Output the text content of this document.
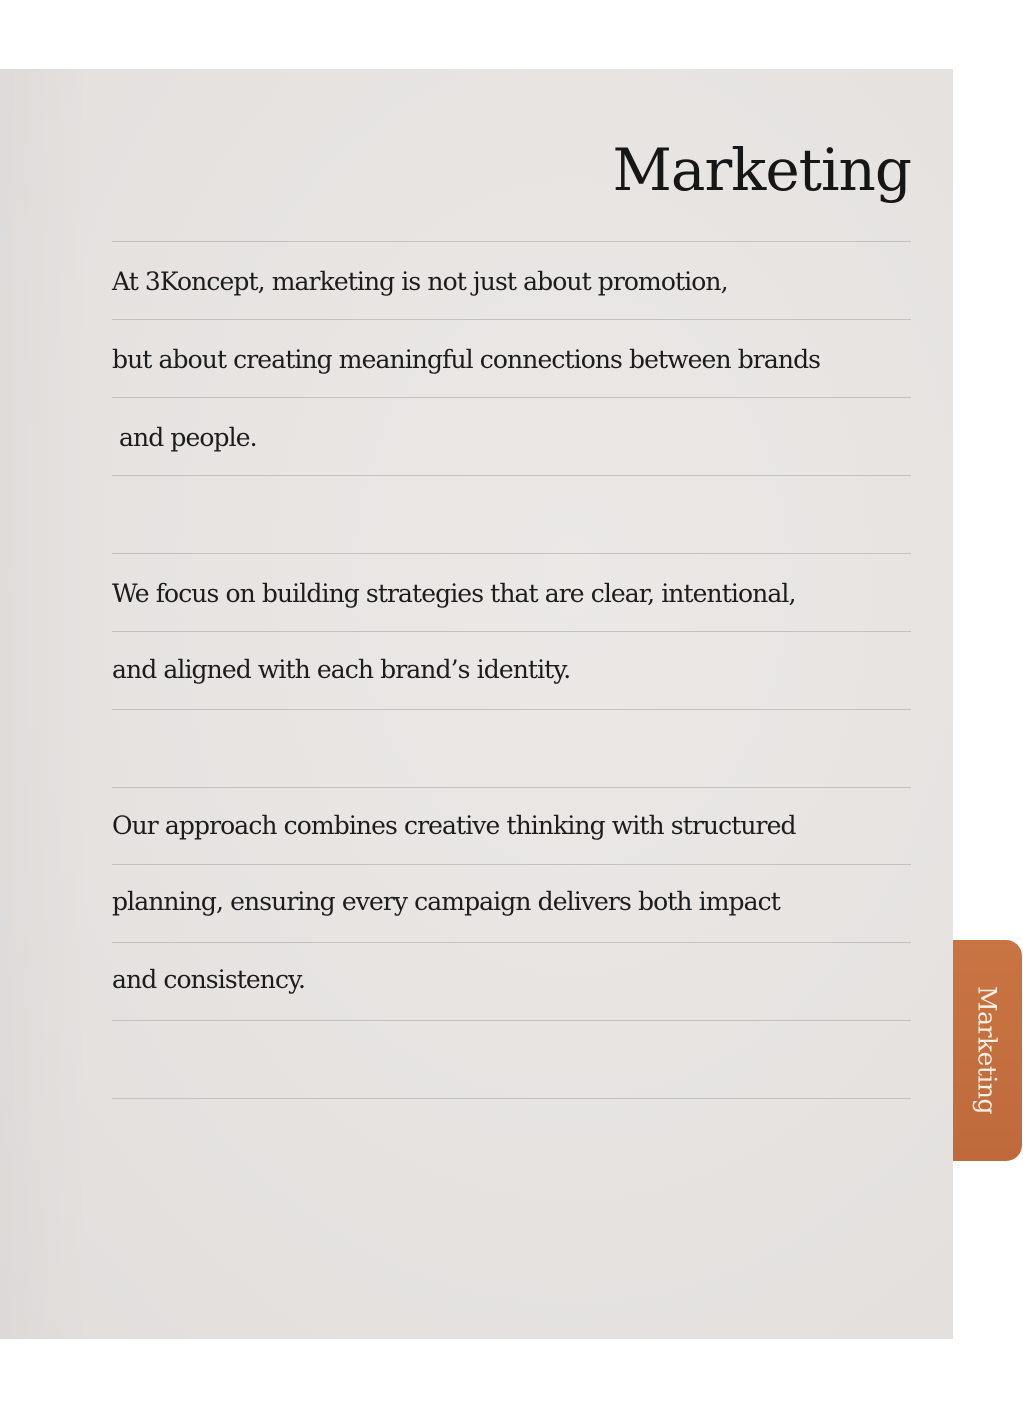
Marketing
At 3Koncept, marketing is not just about promotion,
but about creating meaningful connections between brands
and people.
We focus on building strategies that are clear, intentional,
and aligned with each brand’s identity.
Our approach combines creative thinking with structured
planning, ensuring every campaign delivers both impact
and consistency.
Marketing
